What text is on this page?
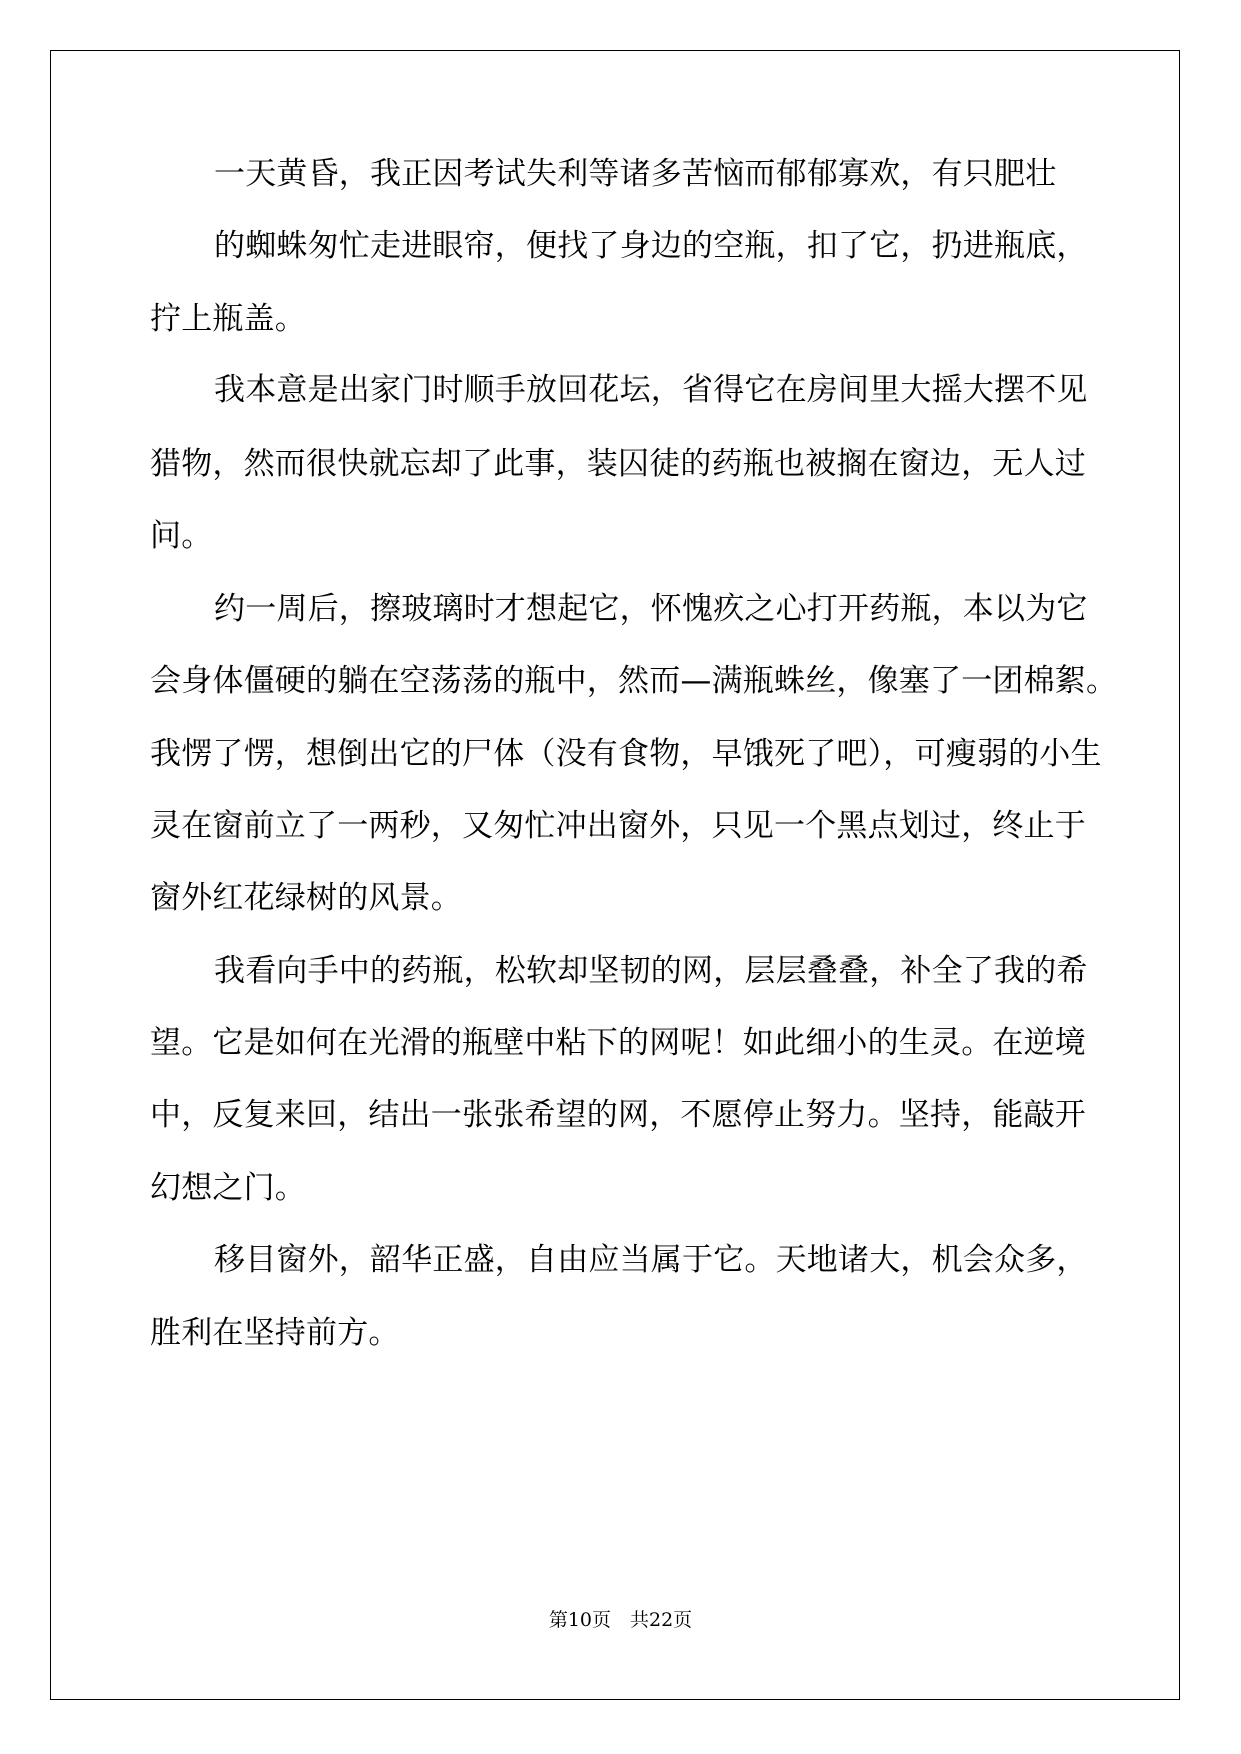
一天黄昏，我正因考试失利等诸多苦恼而郁郁寡欢，有只肥壮
的蜘蛛匆忙走进眼帘，便找了身边的空瓶，扣了它，扔进瓶底，
拧上瓶盖。
我本意是出家门时顺手放回花坛，省得它在房间里大摇大摆不见
猎物，然而很快就忘却了此事，装囚徒的药瓶也被搁在窗边，无人过
问。
约一周后，擦玻璃时才想起它，怀愧疚之心打开药瓶，本以为它
会身体僵硬的躺在空荡荡的瓶中，然而—满瓶蛛丝，像塞了一团棉絮。
我愣了愣，想倒出它的尸体（没有食物，早饿死了吧），可瘦弱的小生
灵在窗前立了一两秒，又匆忙冲出窗外，只见一个黑点划过，终止于
窗外红花绿树的风景。
我看向手中的药瓶，松软却坚韧的网，层层叠叠，补全了我的希
望。它是如何在光滑的瓶壁中粘下的网呢！如此细小的生灵。在逆境
中，反复来回，结出一张张希望的网，不愿停止努力。坚持，能敲开
幻想之门。
移目窗外，韶华正盛，自由应当属于它。天地诸大，机会众多，
胜利在坚持前方。
第10页　共22页
